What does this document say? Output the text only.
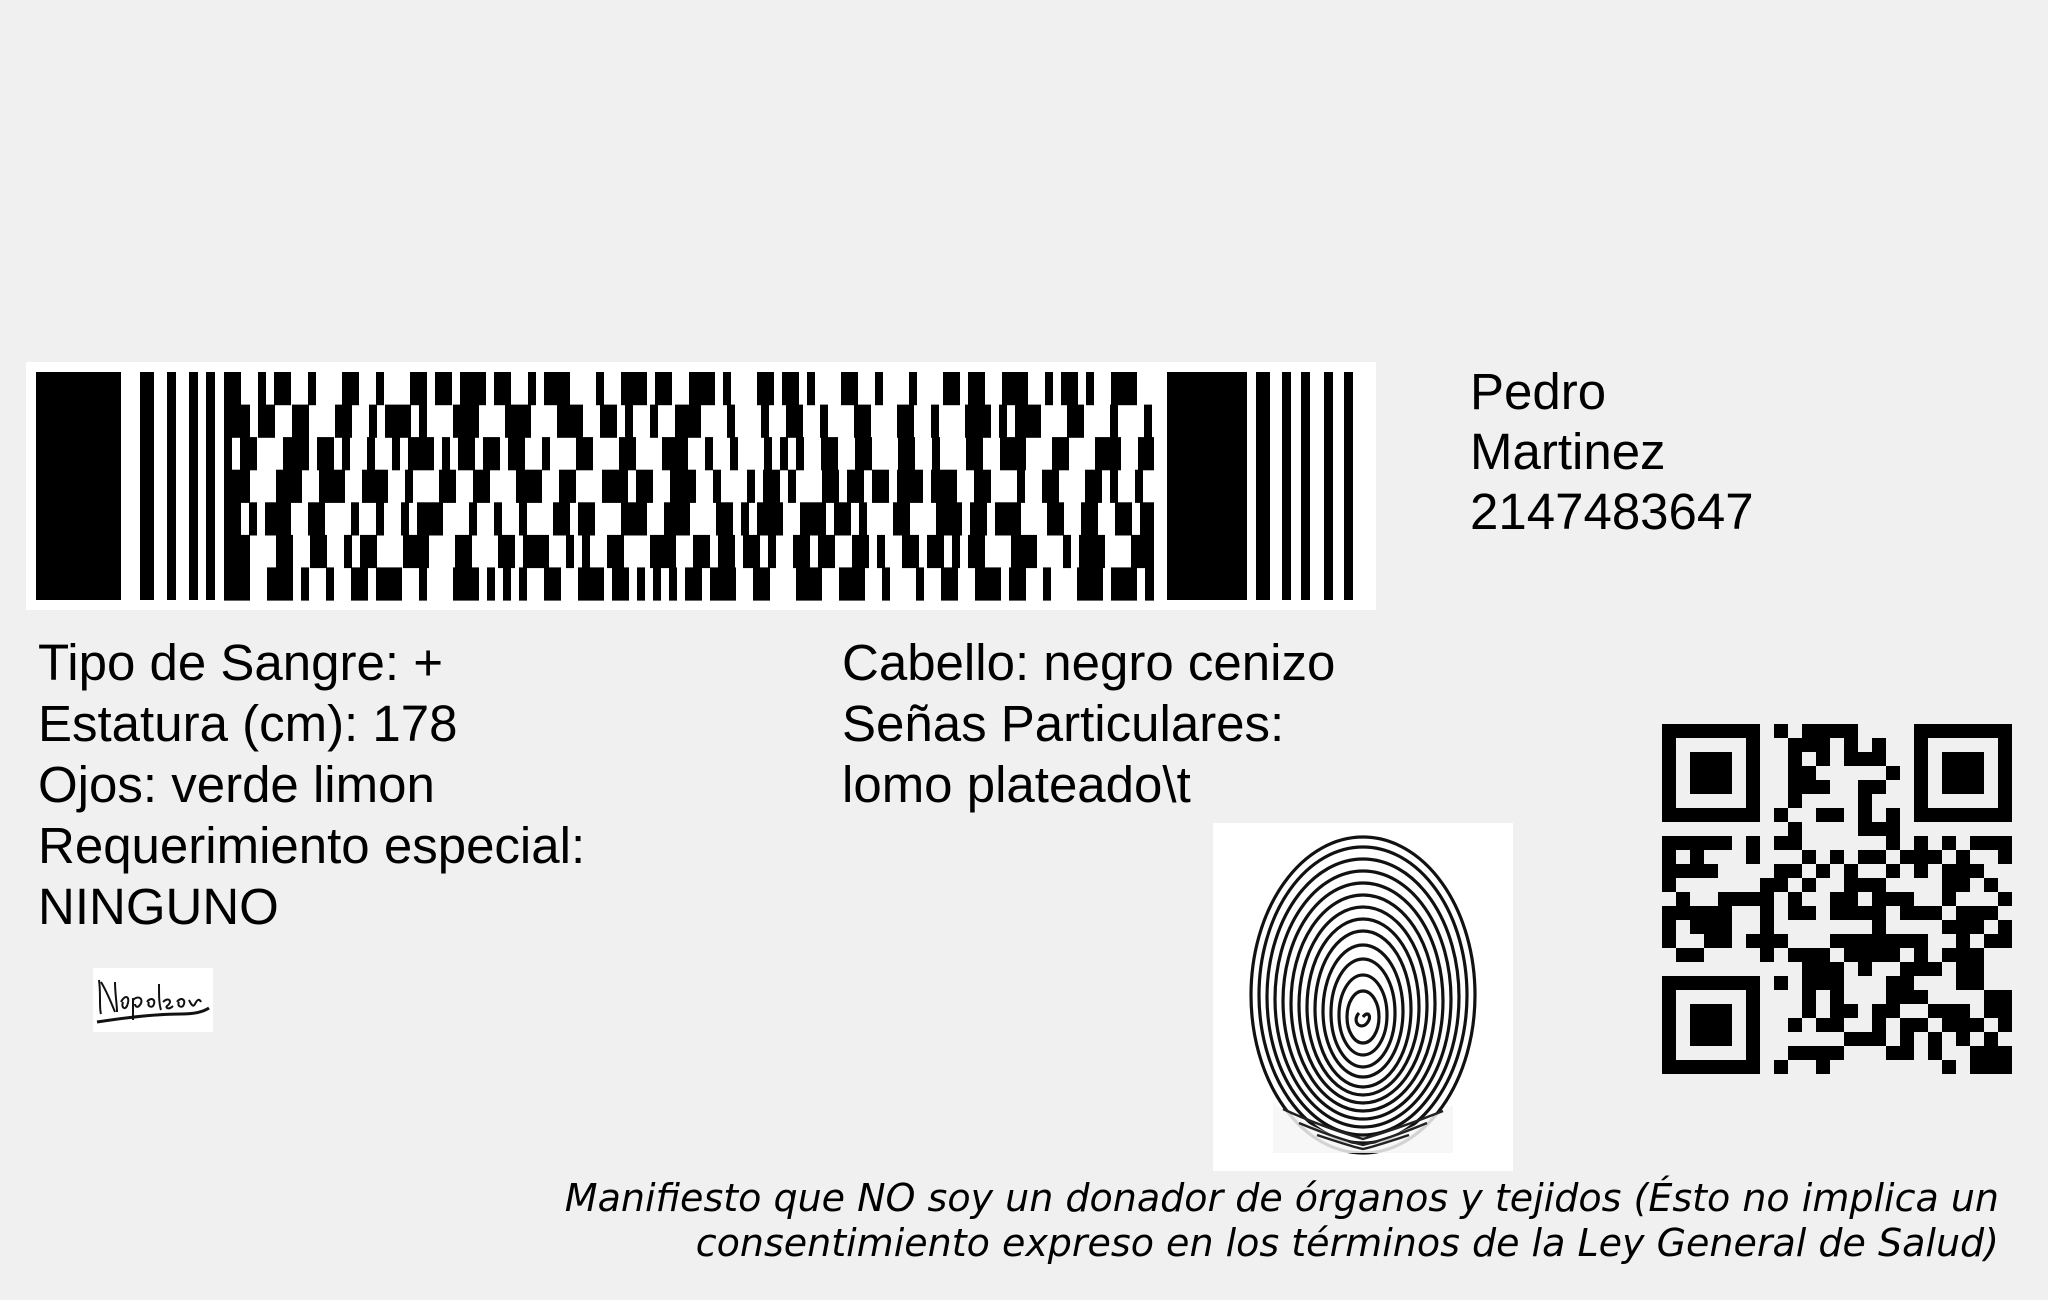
Pedro
Martinez
2147483647
Tipo de Sangre: +
Estatura (cm): 178
Ojos: verde limon
Requerimiento especial:
NINGUNO
Cabello: negro cenizo
Señas Particulares:
lomo plateado\t
Manifiesto que NO soy un donador de órganos y tejidos (Ésto no implica un
consentimiento expreso en los términos de la Ley General de Salud)
